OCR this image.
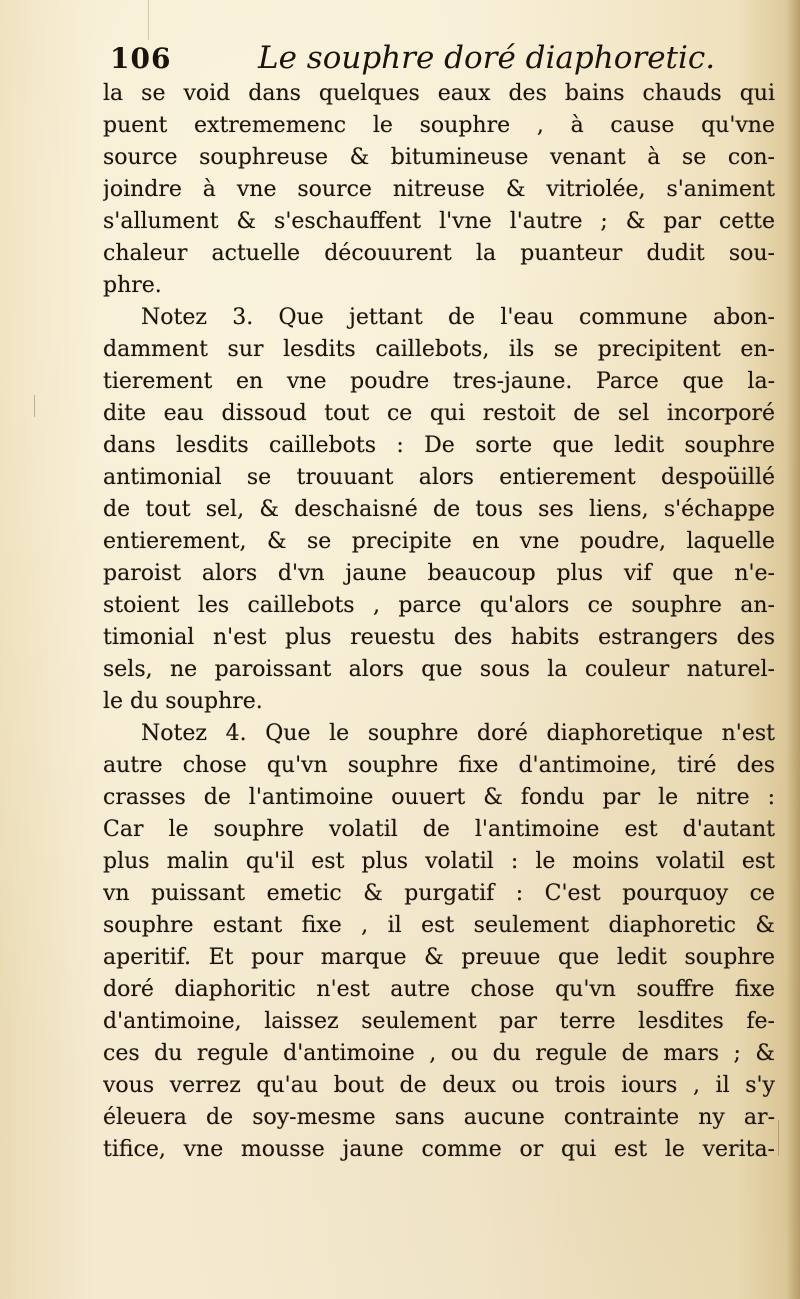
106	Le souphre doré diaphoretic.
la se void dans quelques eaux des bains chauds qui
puent extrememenc le souphre , à cause qu'vne
source souphreuse & bitumineuse venant à se con-
joindre à vne source nitreuse & vitriolée, s'animent
s'allument & s'eschauffent l'vne l'autre ; & par cette
chaleur actuelle découurent la puanteur dudit sou-
phre.
Notez 3. Que jettant de l'eau commune abon-
damment sur lesdits caillebots, ils se precipitent en-
tierement en vne poudre tres-jaune. Parce que la-
dite eau dissoud tout ce qui restoit de sel incorporé
dans lesdits caillebots : De sorte que ledit souphre
antimonial se trouuant alors entierement despoüillé
de tout sel, & deschaisné de tous ses liens, s'échappe
entierement, & se precipite en vne poudre, laquelle
paroist alors d'vn jaune beaucoup plus vif que n'e-
stoient les caillebots , parce qu'alors ce souphre an-
timonial n'est plus reuestu des habits estrangers des
sels, ne paroissant alors que sous la couleur naturel-
le du souphre.
Notez 4. Que le souphre doré diaphoretique n'est
autre chose qu'vn souphre fixe d'antimoine, tiré des
crasses de l'antimoine ouuert & fondu par le nitre :
Car le souphre volatil de l'antimoine est d'autant
plus malin qu'il est plus volatil : le moins volatil est
vn puissant emetic & purgatif : C'est pourquoy ce
souphre estant fixe , il est seulement diaphoretic &
aperitif. Et pour marque & preuue que ledit souphre
doré diaphoritic n'est autre chose qu'vn souffre fixe
d'antimoine, laissez seulement par terre lesdites fe-
ces du regule d'antimoine , ou du regule de mars ; &
vous verrez qu'au bout de deux ou trois iours , il s'y
éleuera de soy-mesme sans aucune contrainte ny ar-
tifice, vne mousse jaune comme or qui est le verita-
